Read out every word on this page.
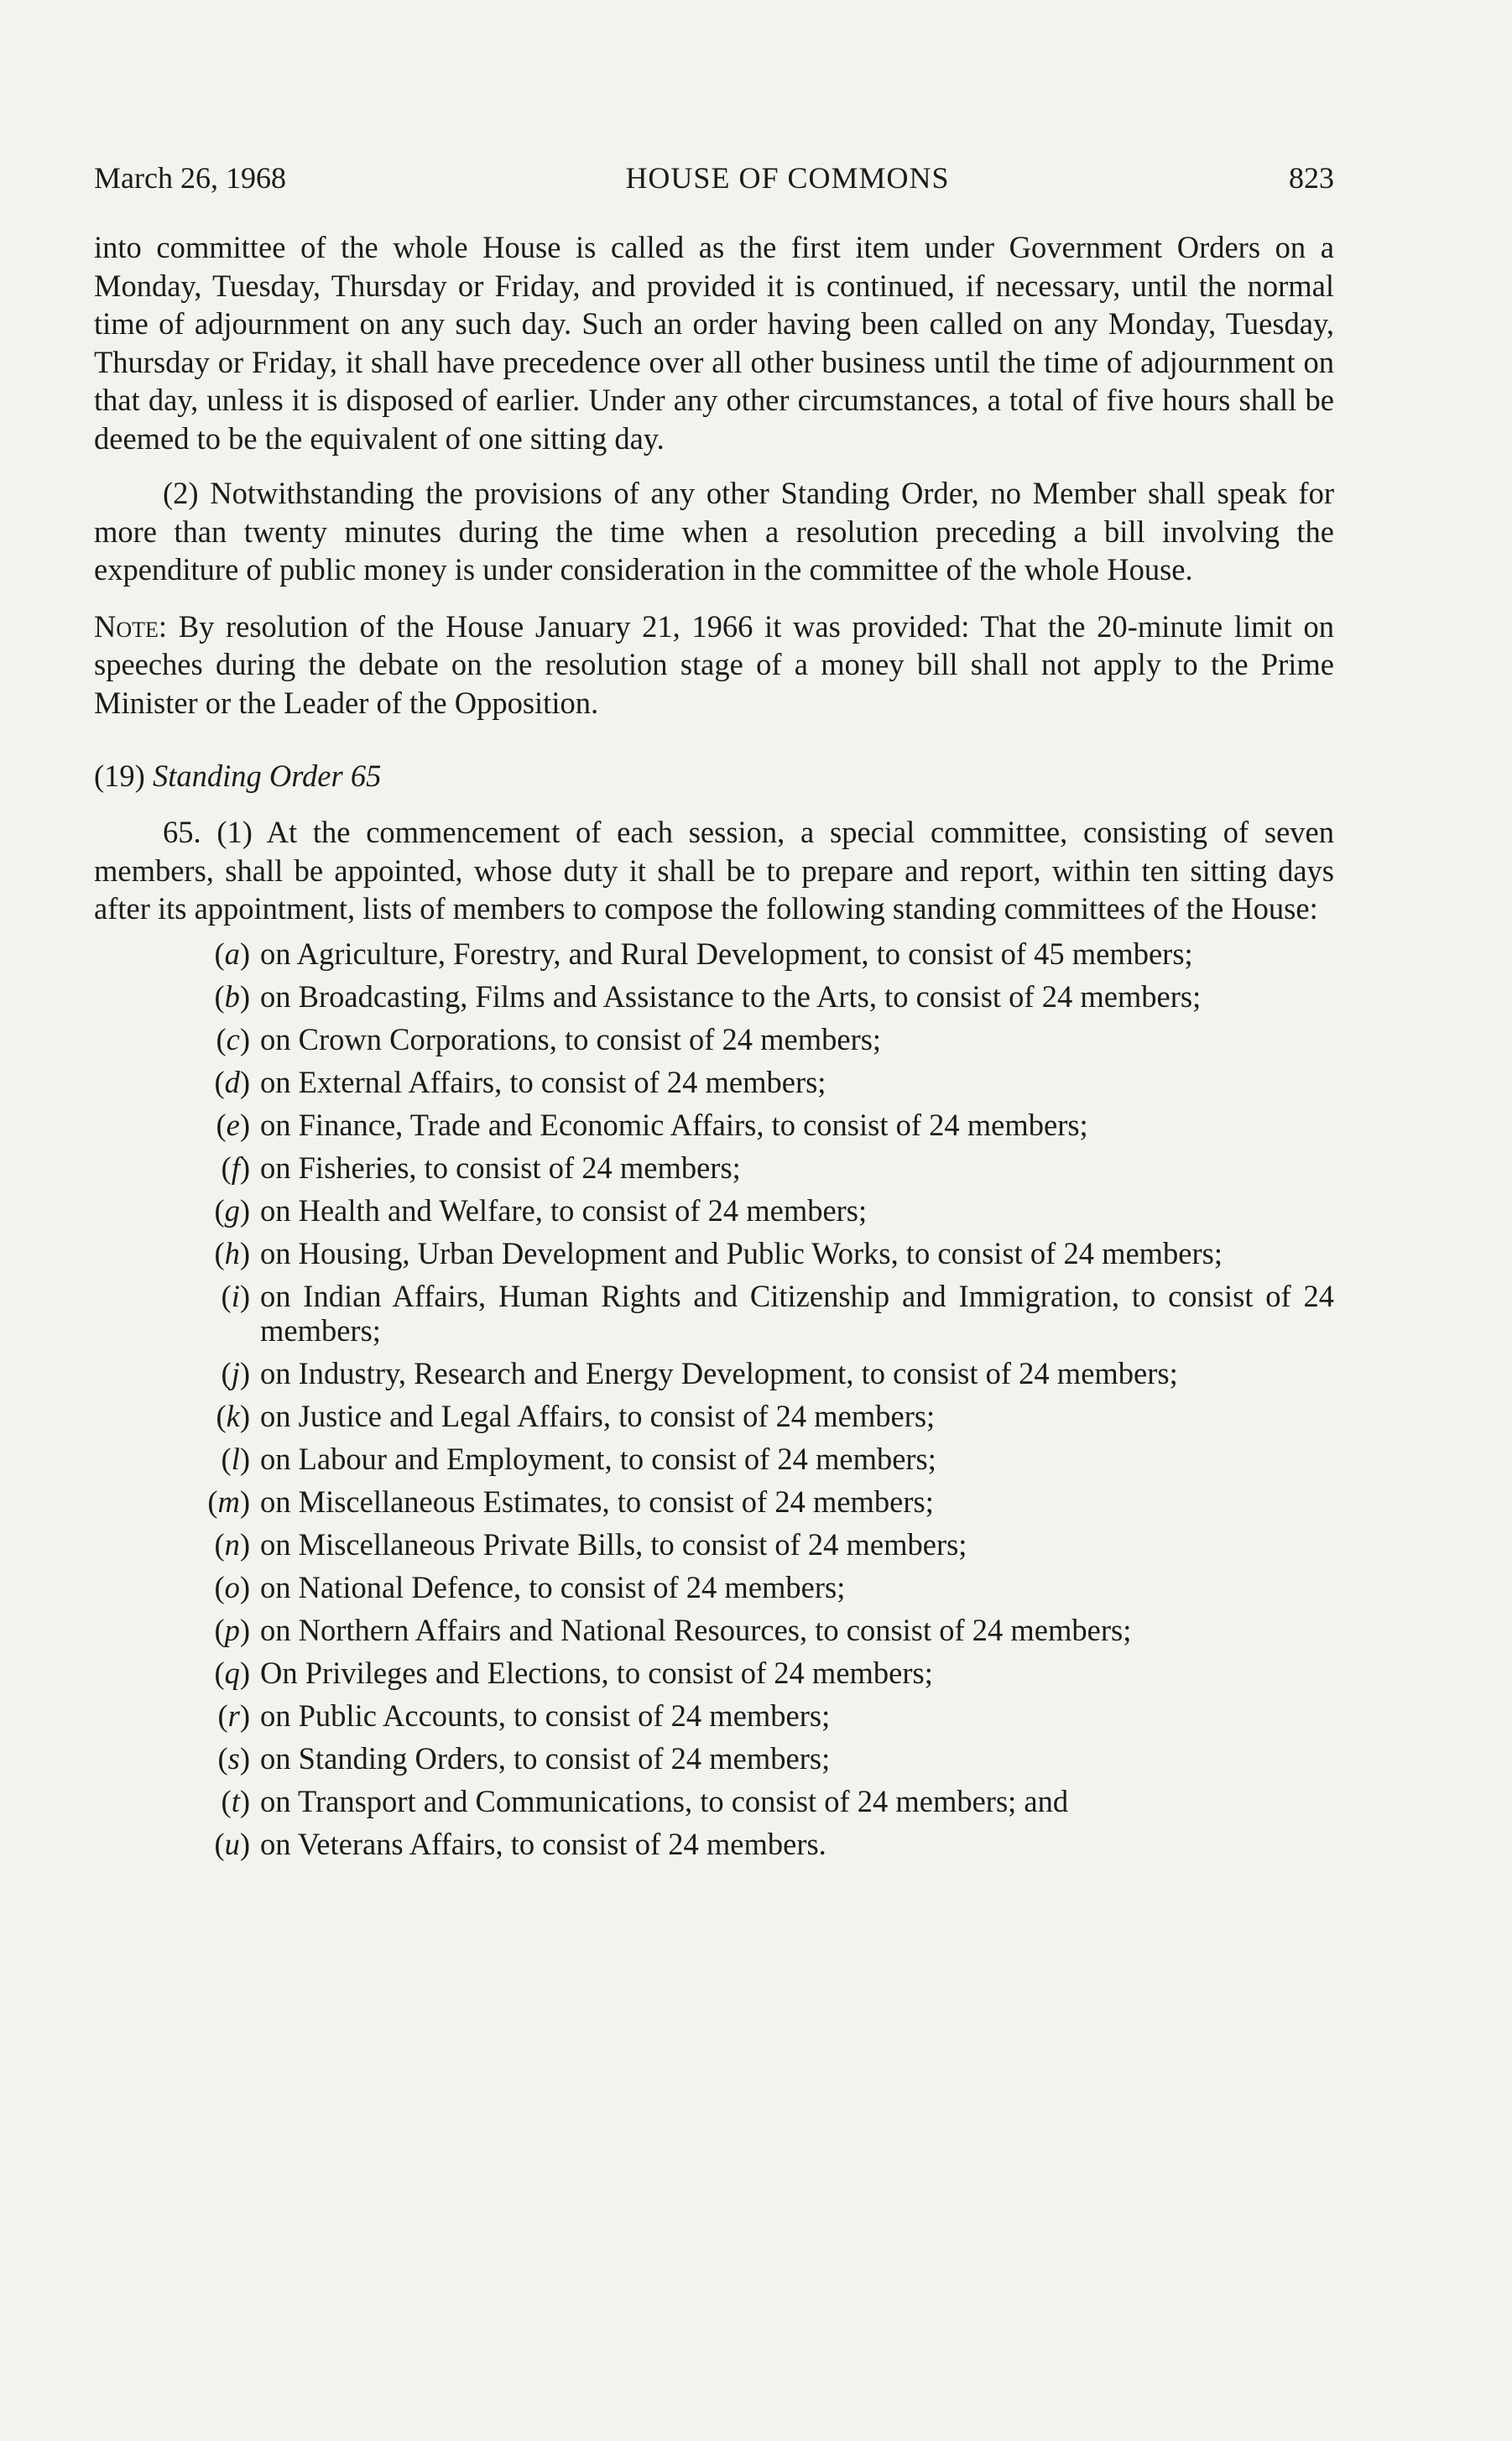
March 26, 1968	HOUSE OF COMMONS	823

into committee of the whole House is called as the first item under Government Orders on a Monday, Tuesday, Thursday or Friday, and provided it is continued, if necessary, until the normal time of adjournment on any such day. Such an order having been called on any Monday, Tuesday, Thursday or Friday, it shall have precedence over all other business until the time of adjournment on that day, unless it is disposed of earlier. Under any other circumstances, a total of five hours shall be deemed to be the equivalent of one sitting day.

(2) Notwithstanding the provisions of any other Standing Order, no Member shall speak for more than twenty minutes during the time when a resolution preceding a bill involving the expenditure of public money is under consideration in the committee of the whole House.

Note: By resolution of the House January 21, 1966 it was provided: That the 20-minute limit on speeches during the debate on the resolution stage of a money bill shall not apply to the Prime Minister or the Leader of the Opposition.

(19) Standing Order 65

65. (1) At the commencement of each session, a special committee, consisting of seven members, shall be appointed, whose duty it shall be to prepare and report, within ten sitting days after its appointment, lists of members to compose the following standing committees of the House:

(a) on Agriculture, Forestry, and Rural Development, to consist of 45 members;
(b) on Broadcasting, Films and Assistance to the Arts, to consist of 24 members;
(c) on Crown Corporations, to consist of 24 members;
(d) on External Affairs, to consist of 24 members;
(e) on Finance, Trade and Economic Affairs, to consist of 24 members;
(f) on Fisheries, to consist of 24 members;
(g) on Health and Welfare, to consist of 24 members;
(h) on Housing, Urban Development and Public Works, to consist of 24 members;
(i) on Indian Affairs, Human Rights and Citizenship and Immigration, to consist of 24 members;
(j) on Industry, Research and Energy Development, to consist of 24 members;
(k) on Justice and Legal Affairs, to consist of 24 members;
(l) on Labour and Employment, to consist of 24 members;
(m) on Miscellaneous Estimates, to consist of 24 members;
(n) on Miscellaneous Private Bills, to consist of 24 members;
(o) on National Defence, to consist of 24 members;
(p) on Northern Affairs and National Resources, to consist of 24 members;
(q) On Privileges and Elections, to consist of 24 members;
(r) on Public Accounts, to consist of 24 members;
(s) on Standing Orders, to consist of 24 members;
(t) on Transport and Communications, to consist of 24 members; and
(u) on Veterans Affairs, to consist of 24 members.
